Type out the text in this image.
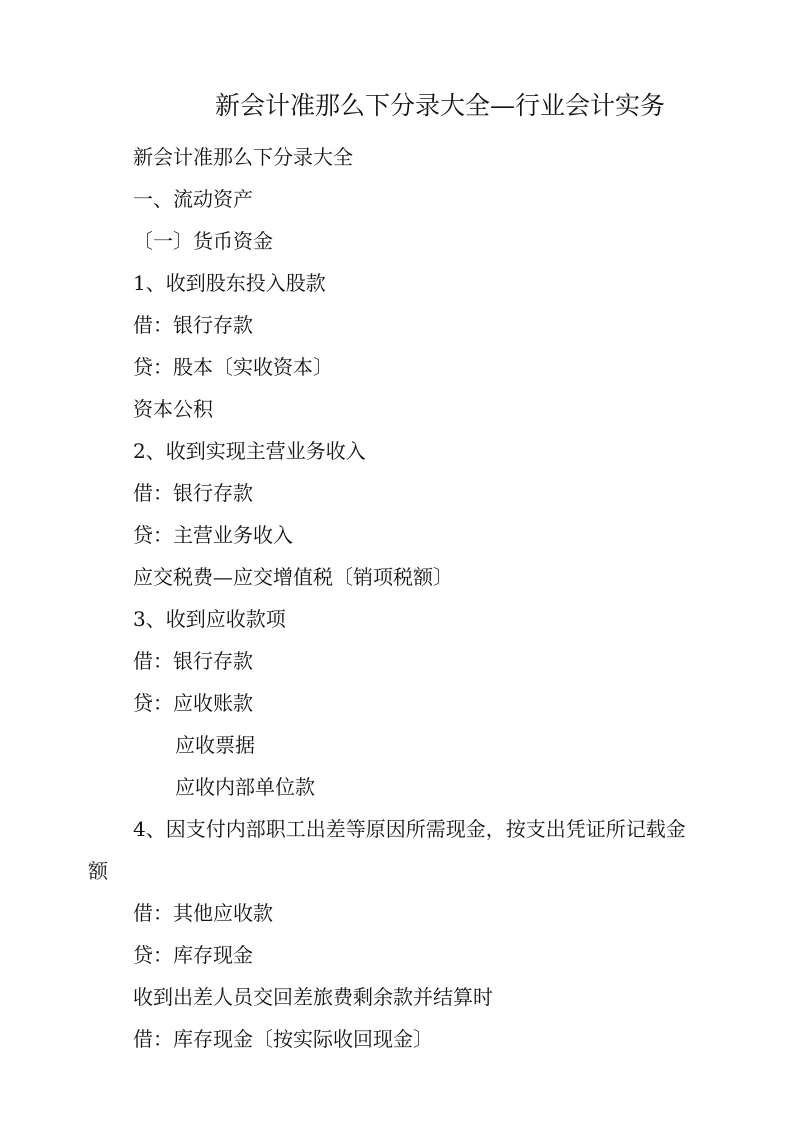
新会计准那么下分录大全—行业会计实务
新会计准那么下分录大全
一、流动资产
〔一〕货币资金
1、收到股东投入股款
借：银行存款
贷：股本〔实收资本〕
资本公积
2、收到实现主营业务收入
借：银行存款
贷：主营业务收入
应交税费—应交增值税〔销项税额〕
3、收到应收款项
借：银行存款
贷：应收账款
应收票据
应收内部单位款
4、因支付内部职工出差等原因所需现金，按支出凭证所记载金
额
借：其他应收款
贷：库存现金
收到出差人员交回差旅费剩余款并结算时
借：库存现金〔按实际收回现金〕
